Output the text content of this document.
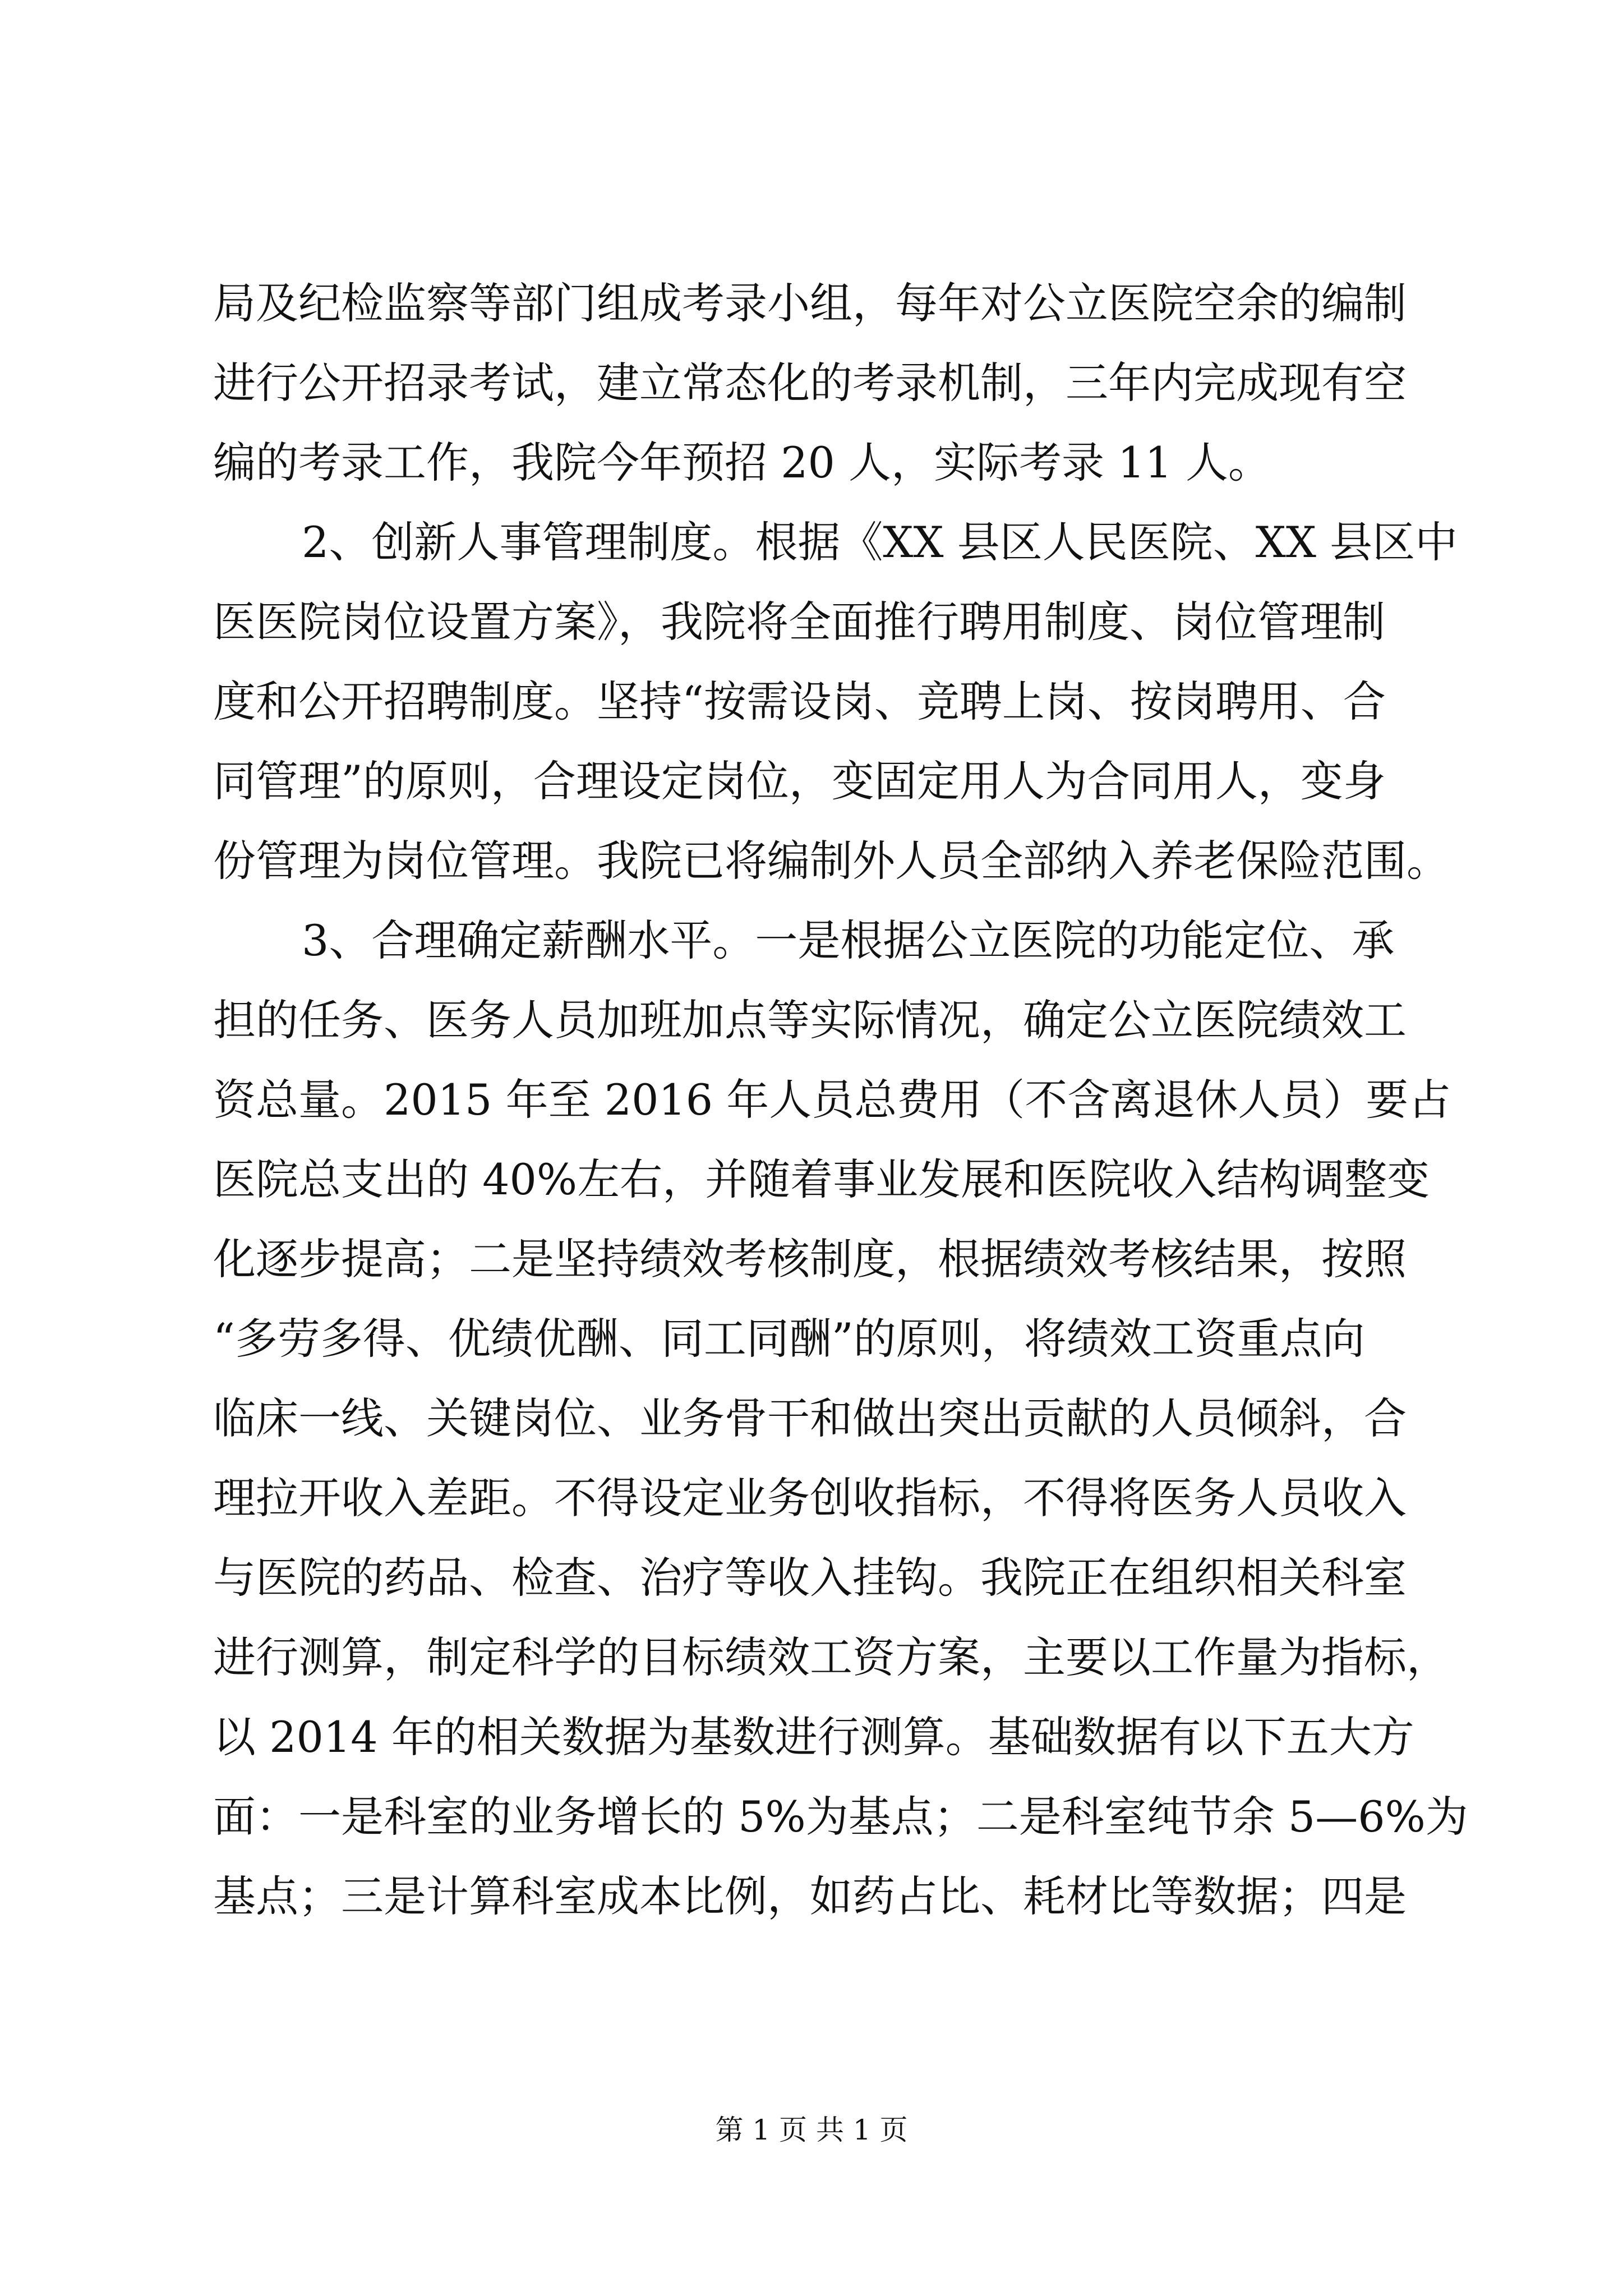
局及纪检监察等部门组成考录小组，每年对公立医院空余的编制
进行公开招录考试，建立常态化的考录机制，三年内完成现有空
编的考录工作，我院今年预招 20 人，实际考录 11 人。
2、创新人事管理制度。根据《XX 县区人民医院、XX 县区中
医医院岗位设置方案》，我院将全面推行聘用制度、岗位管理制
度和公开招聘制度。坚持“按需设岗、竞聘上岗、按岗聘用、合
同管理”的原则，合理设定岗位，变固定用人为合同用人，变身
份管理为岗位管理。我院已将编制外人员全部纳入养老保险范围。
3、合理确定薪酬水平。一是根据公立医院的功能定位、承
担的任务、医务人员加班加点等实际情况，确定公立医院绩效工
资总量。2015 年至 2016 年人员总费用（不含离退休人员）要占
医院总支出的 40%左右，并随着事业发展和医院收入结构调整变
化逐步提高；二是坚持绩效考核制度，根据绩效考核结果，按照
“多劳多得、优绩优酬、同工同酬”的原则，将绩效工资重点向
临床一线、关键岗位、业务骨干和做出突出贡献的人员倾斜，合
理拉开收入差距。不得设定业务创收指标，不得将医务人员收入
与医院的药品、检查、治疗等收入挂钩。我院正在组织相关科室
进行测算，制定科学的目标绩效工资方案，主要以工作量为指标，
以 2014 年的相关数据为基数进行测算。基础数据有以下五大方
面：一是科室的业务增长的 5%为基点；二是科室纯节余 5—6%为
基点；三是计算科室成本比例，如药占比、耗材比等数据；四是
第 1 页 共 1 页
